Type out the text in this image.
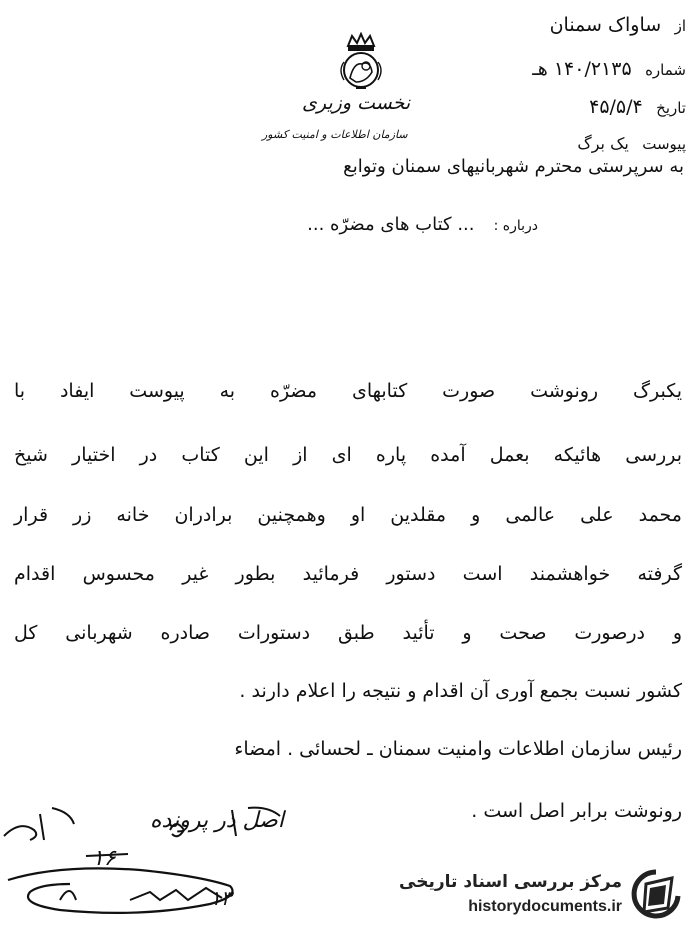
از ساواک سمنان
شماره ۱۴۰/۲۱۳۵ هـ
تاریخ ۴۵/۵/۴
پیوست یک برگ
نخست وزیری
سازمان اطلاعات و امنیت کشور
به سرپرستی محترم شهربانیهای سمنان وتوابع
درباره : ... کتاب های مضرّه ...
یکبرگ رونوشت صورت کتابهای مضرّه به پیوست ایفاد با
بررسی هائیکه بعمل آمده پاره ای از این کتاب در اختیار شیخ
محمد علی عالمی و مقلدین او وهمچنین برادران خانه زر قرار
گرفته خواهشمند است دستور فرمائید بطور غیر محسوس اقدام
و درصورت صحت و تأئید طبق دستورات صادره شهربانی کل
کشور نسبت بجمع آوری آن اقدام و نتیجه را اعلام دارند .
رئیس سازمان اطلاعات وامنیت سمنان ـ لحسائی . امضاء
رونوشت برابر اصل است .
اصل در پرونده
۱۶
۱۳
مرکز بررسی اسناد تاریخی
historydocuments.ir
